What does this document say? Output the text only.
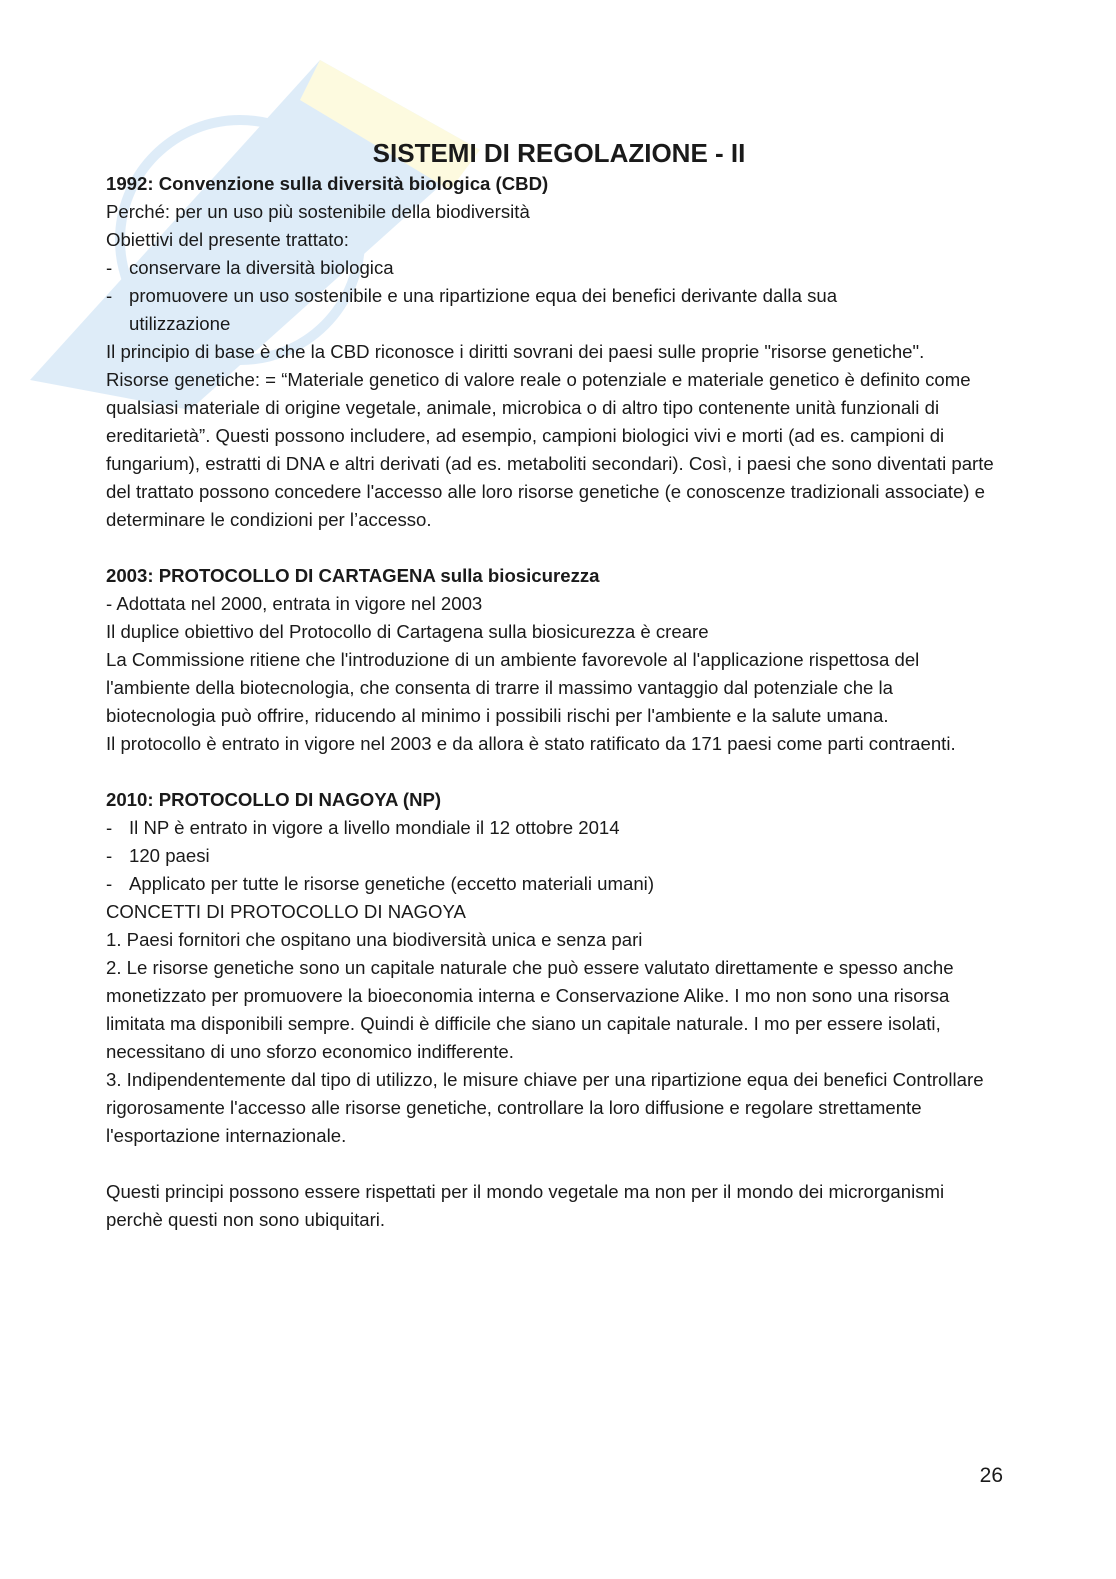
SISTEMI DI REGOLAZIONE - II

1992: Convenzione sulla diversità biologica (CBD)

Perché: per un uso più sostenibile della biodiversità

Obiettivi del presente trattato:

- conservare la diversità biologica
- promuovere un uso sostenibile e una ripartizione equa dei benefici derivante dalla sua utilizzazione

Il principio di base è che la CBD riconosce i diritti sovrani dei paesi sulle proprie "risorse genetiche".

Risorse genetiche: = “Materiale genetico di valore reale o potenziale e materiale genetico è definito come qualsiasi materiale di origine vegetale, animale, microbica o di altro tipo contenente unità funzionali di ereditarietà”. Questi possono includere, ad esempio, campioni biologici vivi e morti (ad es. campioni di fungarium), estratti di DNA e altri derivati (ad es. metaboliti secondari). Così, i paesi che sono diventati parte del trattato possono concedere l'accesso alle loro risorse genetiche (e conoscenze tradizionali associate) e determinare le condizioni per l’accesso.

2003: PROTOCOLLO DI CARTAGENA sulla biosicurezza

- Adottata nel 2000, entrata in vigore nel 2003

Il duplice obiettivo del Protocollo di Cartagena sulla biosicurezza è creare

La Commissione ritiene che l'introduzione di un ambiente favorevole al l'applicazione rispettosa del l'ambiente della biotecnologia, che consenta di trarre il massimo vantaggio dal potenziale che la biotecnologia può offrire, riducendo al minimo i possibili rischi per l'ambiente e la salute umana.

Il protocollo è entrato in vigore nel 2003 e da allora è stato ratificato da 171 paesi come parti contraenti.

2010: PROTOCOLLO DI NAGOYA (NP)

- Il NP è entrato in vigore a livello mondiale il 12 ottobre 2014
- 120 paesi
- Applicato per tutte le risorse genetiche (eccetto materiali umani)

CONCETTI DI PROTOCOLLO DI NAGOYA

1. Paesi fornitori che ospitano una biodiversità unica e senza pari

2. Le risorse genetiche sono un capitale naturale che può essere valutato direttamente e spesso anche monetizzato per promuovere la bioeconomia interna e Conservazione Alike. I mo non sono una risorsa limitata ma disponibili sempre. Quindi è difficile che siano un capitale naturale. I mo per essere isolati, necessitano di uno sforzo economico indifferente.

3. Indipendentemente dal tipo di utilizzo, le misure chiave per una ripartizione equa dei benefici Controllare rigorosamente l'accesso alle risorse genetiche, controllare la loro diffusione e regolare strettamente l'esportazione internazionale.

Questi principi possono essere rispettati per il mondo vegetale ma non per il mondo dei microrganismi perchè questi non sono ubiquitari.

26
